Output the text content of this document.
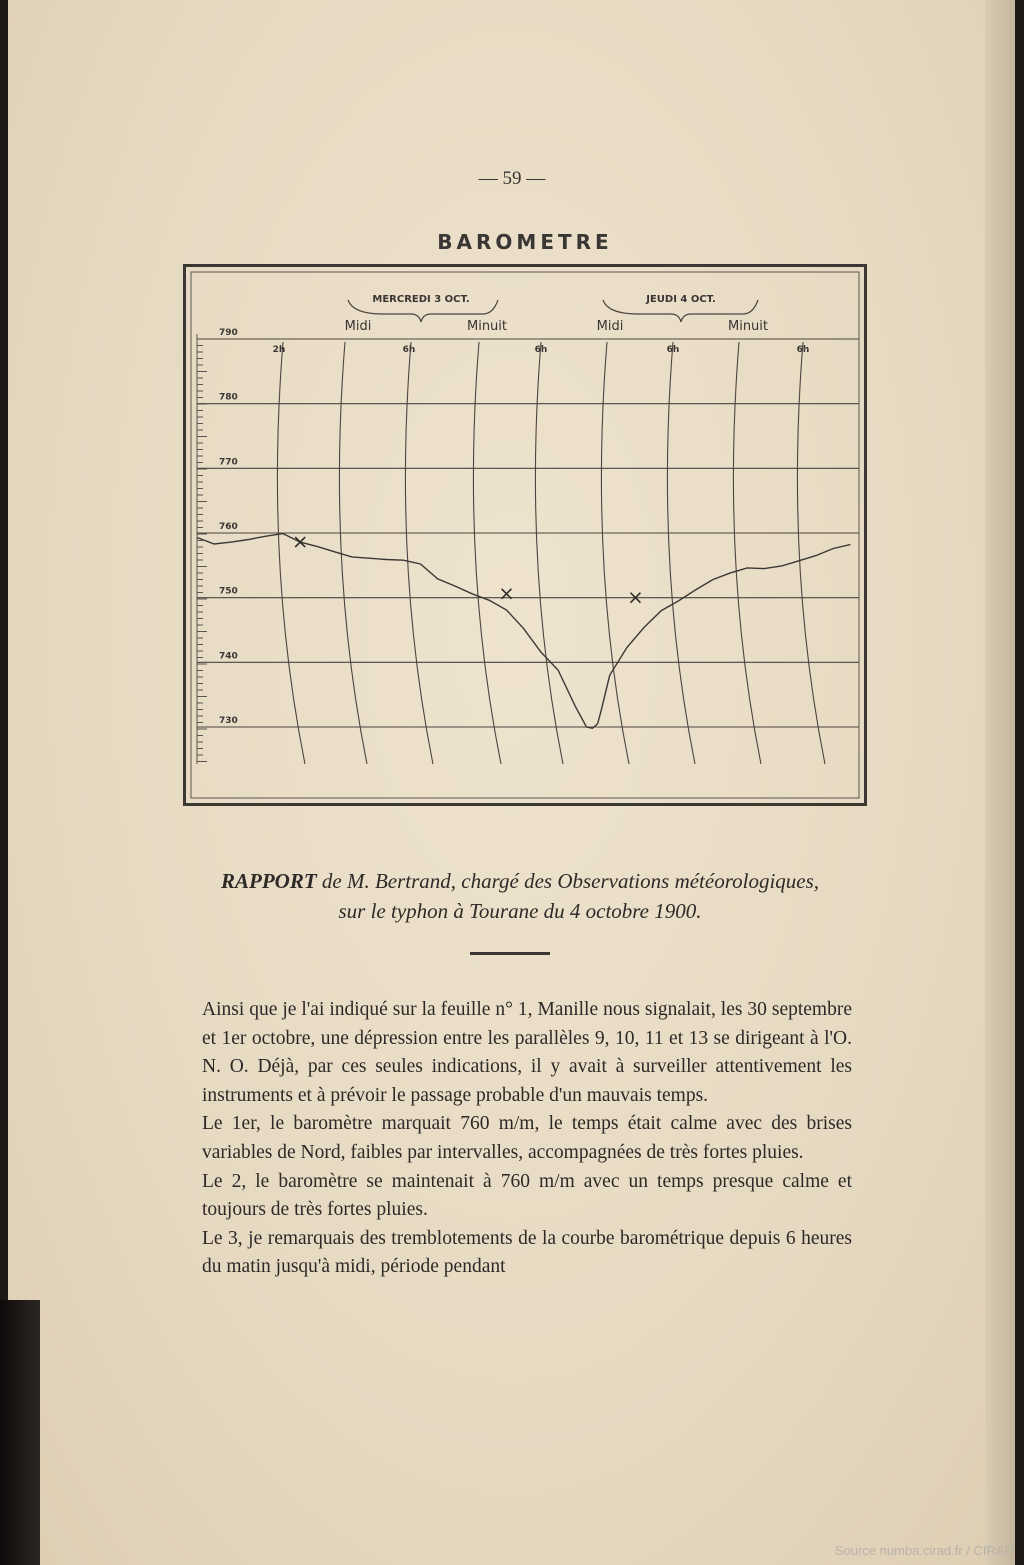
— 59 —
BAROMETRE
790
780
770
760
750
740
730
2h	6h	6h	6h	6h
MERCREDI 3 OCT.
Midi	Minuit
JEUDI 4 OCT.
Midi	Minuit
RAPPORT de M. Bertrand, chargé des Observations météorologiques,
sur le typhon à Tourane du 4 octobre 1900.

Ainsi que je l'ai indiqué sur la feuille n° 1, Manille nous signalait, les 30 septembre et 1er octobre, une dépression entre les parallèles 9, 10, 11 et 13 se dirigeant à l'O. N. O. Déjà, par ces seules indications, il y avait à surveiller attentivement les instruments et à prévoir le passage probable d'un mauvais temps.

Le 1er, le baromètre marquait 760 m/m, le temps était calme avec des brises variables de Nord, faibles par intervalles, accompagnées de très fortes pluies.

Le 2, le baromètre se maintenait à 760 m/m avec un temps presque calme et toujours de très fortes pluies.

Le 3, je remarquais des tremblotements de la courbe barométrique depuis 6 heures du matin jusqu'à midi, période pendant

Source numba.cirad.fr / CIRAD
